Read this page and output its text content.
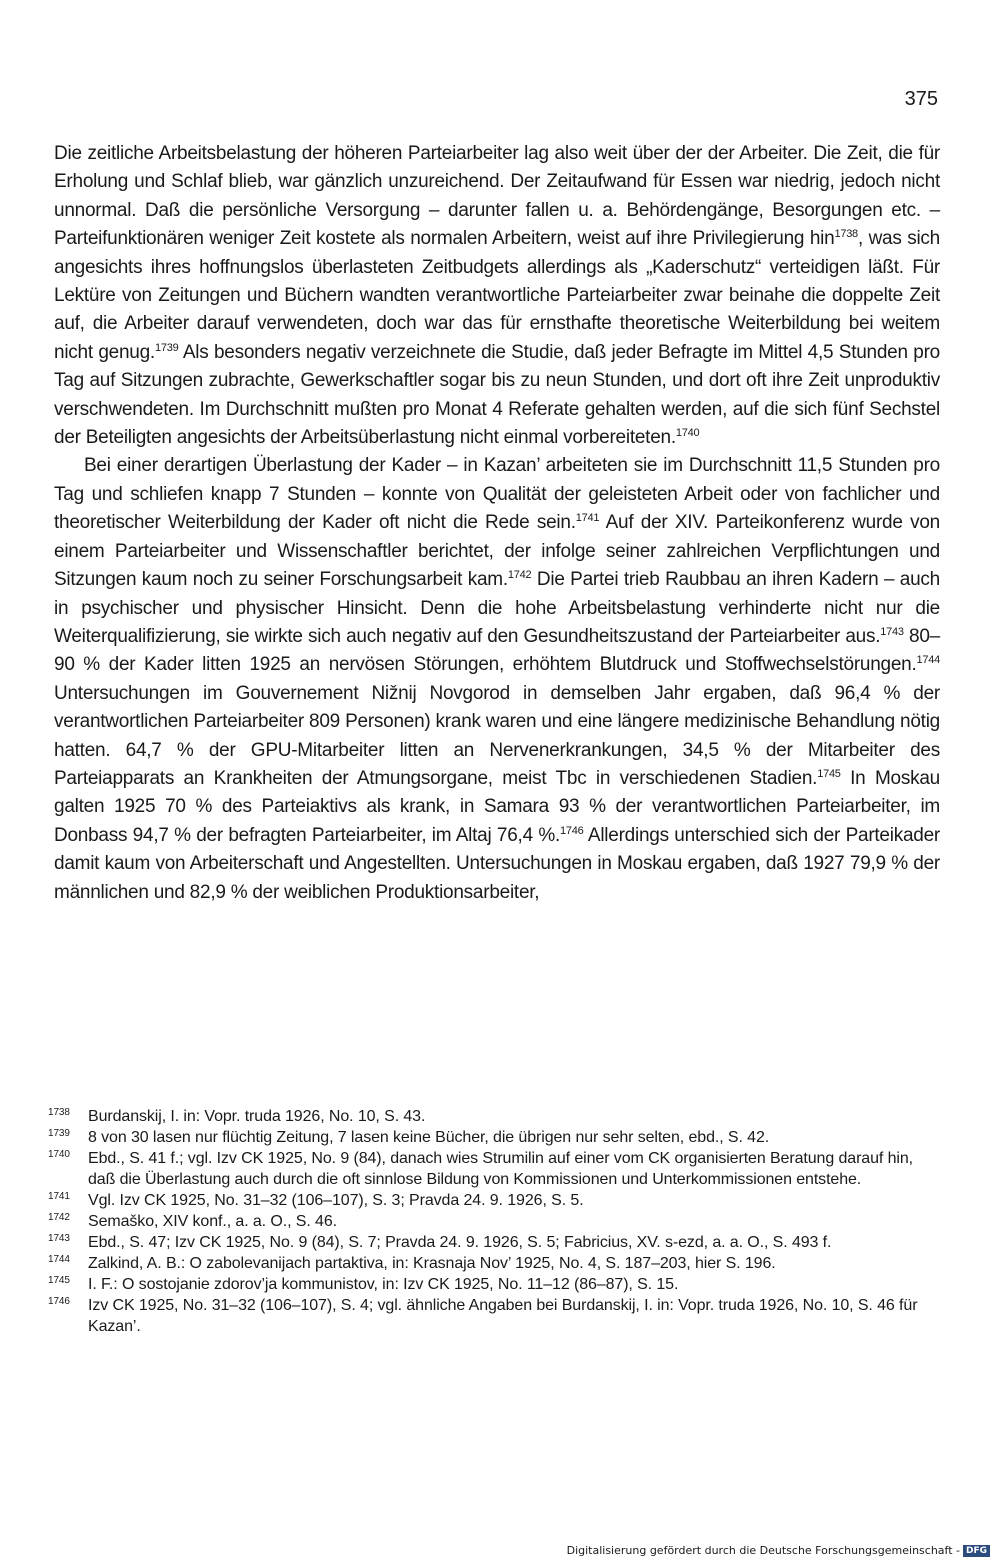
375

Die zeitliche Arbeitsbelastung der höheren Parteiarbeiter lag also weit über der der Arbeiter. Die Zeit, die für Erholung und Schlaf blieb, war gänzlich unzureichend. Der Zeitaufwand für Essen war niedrig, jedoch nicht unnormal. Daß die persönliche Versorgung – darunter fallen u. a. Behördengänge, Besorgungen etc. – Parteifunktionären weniger Zeit kostete als normalen Arbeitern, weist auf ihre Privilegierung hin$^{1738}$, was sich angesichts ihres hoffnungslos überlasteten Zeitbudgets allerdings als „Kaderschutz“ verteidigen läßt. Für Lektüre von Zeitungen und Büchern wandten verantwortliche Parteiarbeiter zwar beinahe die doppelte Zeit auf, die Arbeiter darauf verwendeten, doch war das für ernsthafte theoretische Weiterbildung bei weitem nicht genug.$^{1739}$ Als besonders negativ verzeichnete die Studie, daß jeder Befragte im Mittel 4,5 Stunden pro Tag auf Sitzungen zubrachte, Gewerkschaftler sogar bis zu neun Stunden, und dort oft ihre Zeit unproduktiv verschwendeten. Im Durchschnitt mußten pro Monat 4 Referate gehalten werden, auf die sich fünf Sechstel der Beteiligten angesichts der Arbeitsüberlastung nicht einmal vorbereiteten.$^{1740}$

Bei einer derartigen Überlastung der Kader – in Kazan’ arbeiteten sie im Durchschnitt 11,5 Stunden pro Tag und schliefen knapp 7 Stunden – konnte von Qualität der geleisteten Arbeit oder von fachlicher und theoretischer Weiterbildung der Kader oft nicht die Rede sein.$^{1741}$ Auf der XIV. Parteikonferenz wurde von einem Parteiarbeiter und Wissenschaftler berichtet, der infolge seiner zahlreichen Verpflichtungen und Sitzungen kaum noch zu seiner Forschungsarbeit kam.$^{1742}$ Die Partei trieb Raubbau an ihren Kadern – auch in psychischer und physischer Hinsicht. Denn die hohe Arbeitsbelastung verhinderte nicht nur die Weiterqualifizierung, sie wirkte sich auch negativ auf den Gesundheitszustand der Parteiarbeiter aus.$^{1743}$ 80–90 % der Kader litten 1925 an nervösen Störungen, erhöhtem Blutdruck und Stoffwechselstörungen.$^{1744}$ Untersuchungen im Gouvernement Nižnij Novgorod in demselben Jahr ergaben, daß 96,4 % der verantwortlichen Parteiarbeiter 809 Personen) krank waren und eine längere medizinische Behandlung nötig hatten. 64,7 % der GPU-Mitarbeiter litten an Nervenerkrankungen, 34,5 % der Mitarbeiter des Parteiapparats an Krankheiten der Atmungsorgane, meist Tbc in verschiedenen Stadien.$^{1745}$ In Moskau galten 1925 70 % des Parteiaktivs als krank, in Samara 93 % der verantwortlichen Parteiarbeiter, im Donbass 94,7 % der befragten Parteiarbeiter, im Altaj 76,4 %.$^{1746}$ Allerdings unterschied sich der Parteikader damit kaum von Arbeiterschaft und Angestellten. Untersuchungen in Moskau ergaben, daß 1927 79,9 % der männlichen und 82,9 % der weiblichen Produktionsarbeiter,

1738	Burdanskij, I. in: Vopr. truda 1926, No. 10, S. 43.
1739	8 von 30 lasen nur flüchtig Zeitung, 7 lasen keine Bücher, die übrigen nur sehr selten, ebd., S. 42.
1740	Ebd., S. 41 f.; vgl. Izv CK 1925, No. 9 (84), danach wies Strumilin auf einer vom CK organisierten Beratung darauf hin, daß die Überlastung auch durch die oft sinnlose Bildung von Kommissionen und Unterkommissionen entstehe.
1741	Vgl. Izv CK 1925, No. 31–32 (106–107), S. 3; Pravda 24. 9. 1926, S. 5.
1742	Semaško, XIV konf., a. a. O., S. 46.
1743	Ebd., S. 47; Izv CK 1925, No. 9 (84), S. 7; Pravda 24. 9. 1926, S. 5; Fabricius, XV. s-ezd, a. a. O., S. 493 f.
1744	Zalkind, A. B.: O zabolevanijach partaktiva, in: Krasnaja Nov’ 1925, No. 4, S. 187–203, hier S. 196.
1745	I. F.: O sostojanie zdorov’ja kommunistov, in: Izv CK 1925, No. 11–12 (86–87), S. 15.
1746	Izv CK 1925, No. 31–32 (106–107), S. 4; vgl. ähnliche Angaben bei Burdanskij, I. in: Vopr. truda 1926, No. 10, S. 46 für Kazan’.
Digitalisierung gefördert durch die Deutsche Forschungsgemeinschaft - DFG
